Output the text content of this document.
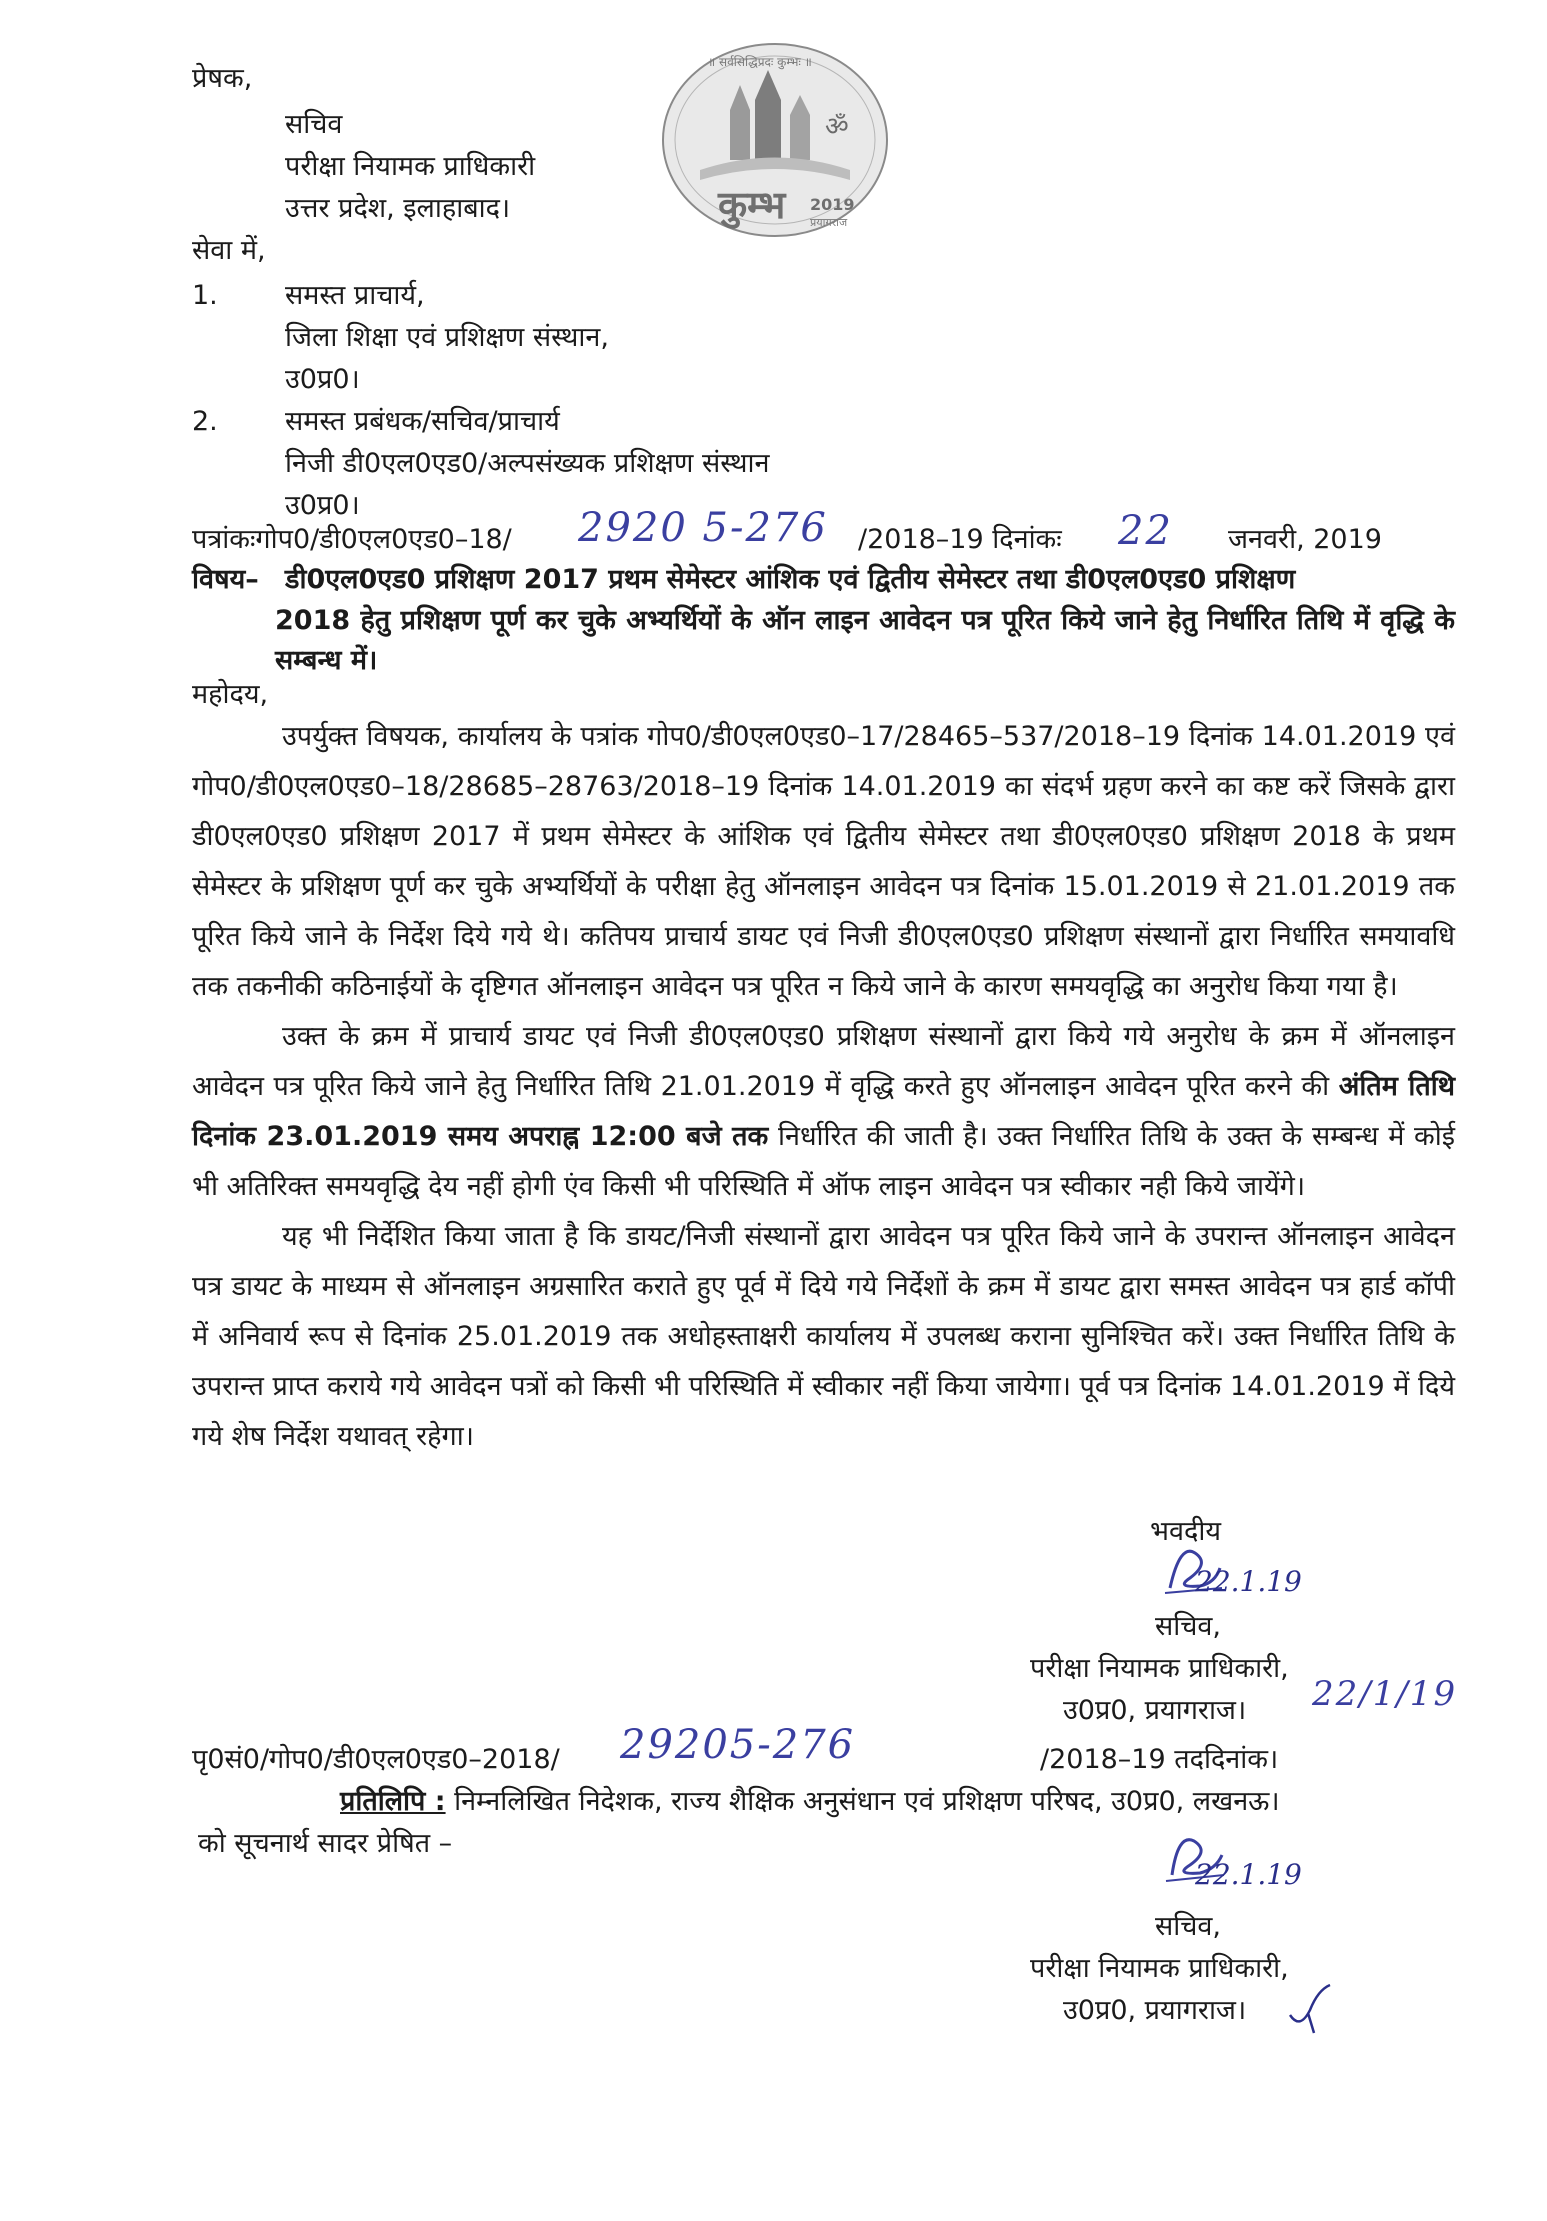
प्रेषक,
सचिव
परीक्षा नियामक प्राधिकारी
उत्तर प्रदेश, इलाहाबाद।
ॐ
कुम्भ 2019
प्रयागराज
॥ सर्वसिद्धिप्रदः कुम्भः ॥
सेवा में,
1. समस्त प्राचार्य,
जिला शिक्षा एवं प्रशिक्षण संस्थान,
उ0प्र0।
2. समस्त प्रबंधक/सचिव/प्राचार्य
निजी डी0एल0एड0/अल्पसंख्यक प्रशिक्षण संस्थान
उ0प्र0।
पत्रांकःगोप0/डी0एल0एड0–18/ 2920 5-276 /2018–19 दिनांकः 22 जनवरी, 2019
विषय– डी0एल0एड0 प्रशिक्षण 2017 प्रथम सेमेस्टर आंशिक एवं द्वितीय सेमेस्टर तथा डी0एल0एड0 प्रशिक्षण
2018 हेतु प्रशिक्षण पूर्ण कर चुके अभ्यर्थियों के ऑन लाइन आवेदन पत्र पूरित किये जाने हेतु निर्धारित तिथि में वृद्धि के सम्बन्ध में।
महोदय,

उपर्युक्त विषयक, कार्यालय के पत्रांक गोप0/डी0एल0एड0–17/28465–537/2018–19 दिनांक 14.01.2019 एवं गोप0/डी0एल0एड0–18/28685–28763/2018–19 दिनांक 14.01.2019 का संदर्भ ग्रहण करने का कष्ट करें जिसके द्वारा डी0एल0एड0 प्रशिक्षण 2017 में प्रथम सेमेस्टर के आंशिक एवं द्वितीय सेमेस्टर तथा डी0एल0एड0 प्रशिक्षण 2018 के प्रथम सेमेस्टर के प्रशिक्षण पूर्ण कर चुके अभ्यर्थियों के परीक्षा हेतु ऑनलाइन आवेदन पत्र दिनांक 15.01.2019 से 21.01.2019 तक पूरित किये जाने के निर्देश दिये गये थे। कतिपय प्राचार्य डायट एवं निजी डी0एल0एड0 प्रशिक्षण संस्थानों द्वारा निर्धारित समयावधि तक तकनीकी कठिनाईयों के दृष्टिगत ऑनलाइन आवेदन पत्र पूरित न किये जाने के कारण समयवृद्धि का अनुरोध किया गया है।

उक्त के क्रम में प्राचार्य डायट एवं निजी डी0एल0एड0 प्रशिक्षण संस्थानों द्वारा किये गये अनुरोध के क्रम में ऑनलाइन आवेदन पत्र पूरित किये जाने हेतु निर्धारित तिथि 21.01.2019 में वृद्धि करते हुए ऑनलाइन आवेदन पूरित करने की अंतिम तिथि दिनांक 23.01.2019 समय अपराह्न 12:00 बजे तक निर्धारित की जाती है। उक्त निर्धारित तिथि के उक्त के सम्बन्ध में कोई भी अतिरिक्त समयवृद्धि देय नहीं होगी एंव किसी भी परिस्थिति में ऑफ लाइन आवेदन पत्र स्वीकार नही किये जायेंगे।

यह भी निर्देशित किया जाता है कि डायट/निजी संस्थानों द्वारा आवेदन पत्र पूरित किये जाने के उपरान्त ऑनलाइन आवेदन पत्र डायट के माध्यम से ऑनलाइन अग्रसारित कराते हुए पूर्व में दिये गये निर्देशों के क्रम में डायट द्वारा समस्त आवेदन पत्र हार्ड कॉपी में अनिवार्य रूप से दिनांक 25.01.2019 तक अधोहस्ताक्षरी कार्यालय में उपलब्ध कराना सुनिश्चित करें। उक्त निर्धारित तिथि के उपरान्त प्राप्त कराये गये आवेदन पत्रों को किसी भी परिस्थिति में स्वीकार नहीं किया जायेगा। पूर्व पत्र दिनांक 14.01.2019 में दिये गये शेष निर्देश यथावत् रहेगा।

भवदीय
22.1.19
सचिव,
परीक्षा नियामक प्राधिकारी,
उ0प्र0, प्रयागराज। 22/1/19
पृ0सं0/गोप0/डी0एल0एड0–2018/ 29205-276	/2018–19 तददिनांक।
प्रतिलिपि : निम्नलिखित निदेशक, राज्य शैक्षिक अनुसंधान एवं प्रशिक्षण परिषद, उ0प्र0, लखनऊ।
को सूचनार्थ सादर प्रेषित –
22.1.19
सचिव,
परीक्षा नियामक प्राधिकारी,
उ0प्र0, प्रयागराज।
